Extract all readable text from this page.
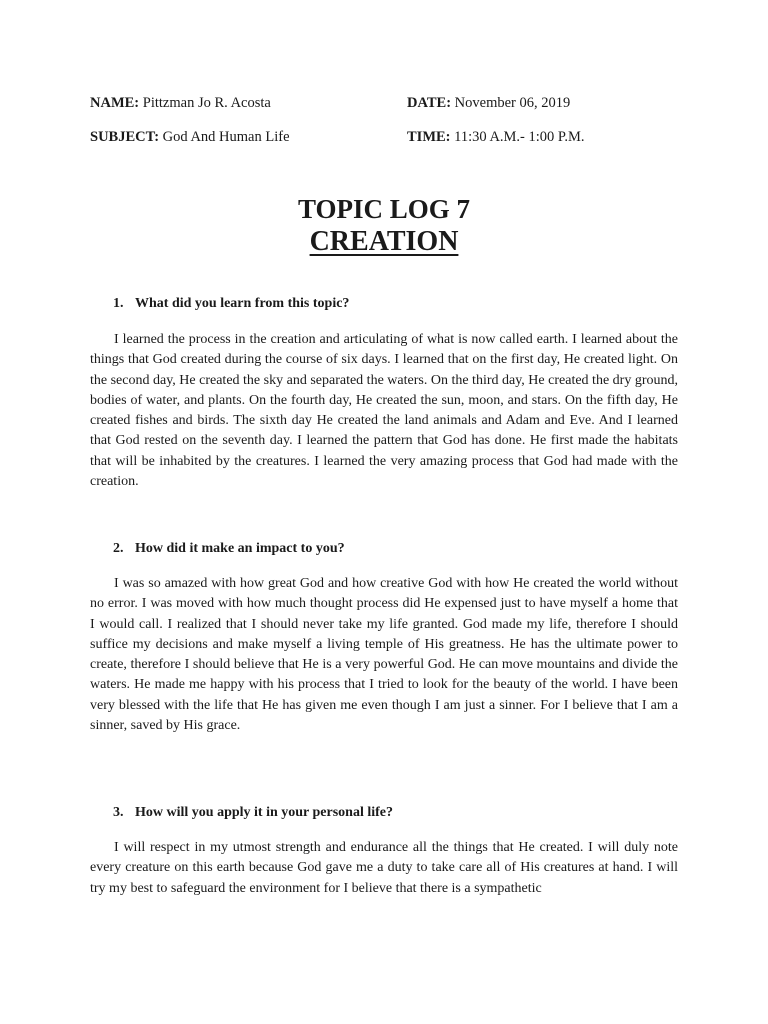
NAME: Pittzman Jo R. Acosta	DATE: November 06, 2019
SUBJECT: God And Human Life	TIME: 11:30 A.M.- 1:00 P.M.
TOPIC LOG 7
CREATION
1. What did you learn from this topic?

I learned the process in the creation and articulating of what is now called earth. I learned about the things that God created during the course of six days. I learned that on the first day, He created light. On the second day, He created the sky and separated the waters. On the third day, He created the dry ground, bodies of water, and plants. On the fourth day, He created the sun, moon, and stars. On the fifth day, He created fishes and birds. The sixth day He created the land animals and Adam and Eve. And I learned that God rested on the seventh day. I learned the pattern that God has done. He first made the habitats that will be inhabited by the creatures. I learned the very amazing process that God had made with the creation.

2. How did it make an impact to you?

I was so amazed with how great God and how creative God with how He created the world without no error. I was moved with how much thought process did He expensed just to have myself a home that I would call. I realized that I should never take my life granted. God made my life, therefore I should suffice my decisions and make myself a living temple of His greatness. He has the ultimate power to create, therefore I should believe that He is a very powerful God. He can move mountains and divide the waters. He made me happy with his process that I tried to look for the beauty of the world. I have been very blessed with the life that He has given me even though I am just a sinner. For I believe that I am a sinner, saved by His grace.

3. How will you apply it in your personal life?

I will respect in my utmost strength and endurance all the things that He created. I will duly note every creature on this earth because God gave me a duty to take care all of His creatures at hand. I will try my best to safeguard the environment for I believe that there is a sympathetic
